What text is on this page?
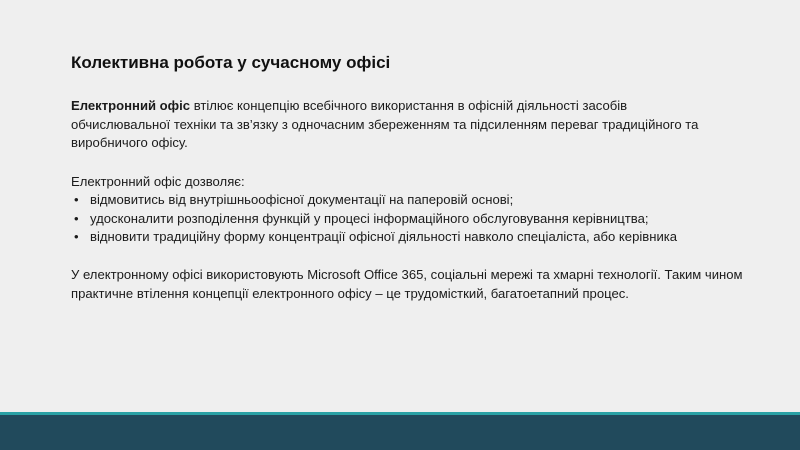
Колективна робота у сучасному офісі
Електронний офіс втілює концепцію всебічного використання в офісній діяльності засобів обчислювальної техніки та зв’язку з одночасним збереженням та підсиленням переваг традиційного та виробничого офісу.
Електронний офіс дозволяє:
• відмовитись від внутрішньоофісної документації на паперовій основі;
• удосконалити розподілення функцій у процесі інформаційного обслуговування керівництва;
• відновити традиційну форму концентрації офісної діяльності навколо спеціаліста, або керівника
У електронному офісі використовують Microsoft Office 365, соціальні мережі та хмарні технології. Таким чином практичне втілення концепції електронного офісу – це трудомісткий, багатоетапний процес.
